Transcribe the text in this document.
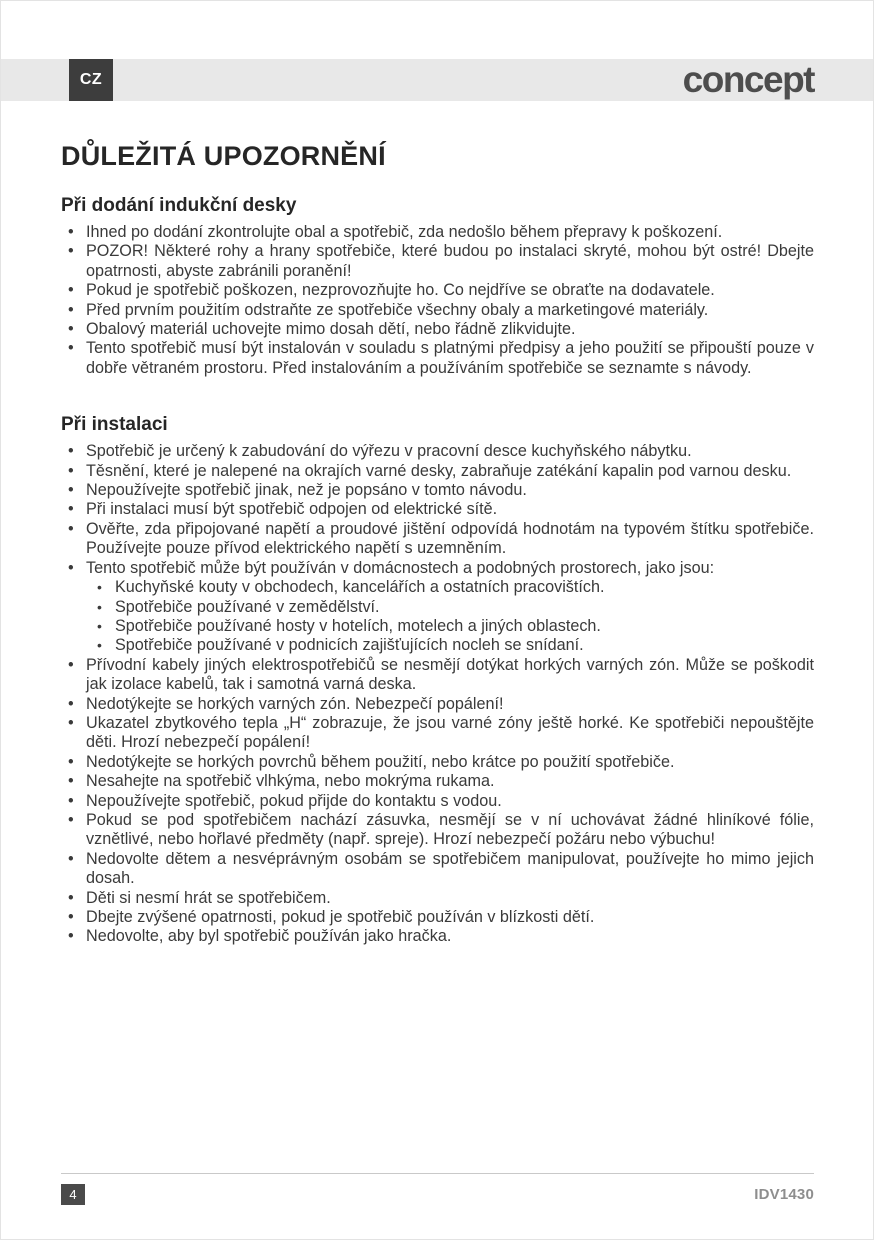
CZ	concept
DŮLEŽITÁ UPOZORNĚNÍ
Při dodání indukční desky
• Ihned po dodání zkontrolujte obal a spotřebič, zda nedošlo během přepravy k poškození.
• POZOR! Některé rohy a hrany spotřebiče, které budou po instalaci skryté, mohou být ostré! Dbejte opatrnosti, abyste zabránili poranění!
• Pokud je spotřebič poškozen, nezprovozňujte ho. Co nejdříve se obraťte na dodavatele.
• Před prvním použitím odstraňte ze spotřebiče všechny obaly a marketingové materiály.
• Obalový materiál uchovejte mimo dosah dětí, nebo řádně zlikvidujte.
• Tento spotřebič musí být instalován v souladu s platnými předpisy a jeho použití se připouští pouze v dobře větraném prostoru. Před instalováním a používáním spotřebiče se seznamte s návody.
Při instalaci
• Spotřebič je určený k zabudování do výřezu v pracovní desce kuchyňského nábytku.
• Těsnění, které je nalepené na okrajích varné desky, zabraňuje zatékání kapalin pod varnou desku.
• Nepoužívejte spotřebič jinak, než je popsáno v tomto návodu.
• Při instalaci musí být spotřebič odpojen od elektrické sítě.
• Ověřte, zda připojované napětí a proudové jištění odpovídá hodnotám na typovém štítku spotřebiče. Používejte pouze přívod elektrického napětí s uzemněním.
• Tento spotřebič může být používán v domácnostech a podobných prostorech, jako jsou:
• Kuchyňské kouty v obchodech, kancelářích a ostatních pracovištích.
• Spotřebiče používané v zemědělství.
• Spotřebiče používané hosty v hotelích, motelech a jiných oblastech.
• Spotřebiče používané v podnicích zajišťujících nocleh se snídaní.
• Přívodní kabely jiných elektrospotřebičů se nesmějí dotýkat horkých varných zón. Může se poškodit jak izolace kabelů, tak i samotná varná deska.
• Nedotýkejte se horkých varných zón. Nebezpečí popálení!
• Ukazatel zbytkového tepla „H“ zobrazuje, že jsou varné zóny ještě horké. Ke spotřebiči nepouštějte děti. Hrozí nebezpečí popálení!
• Nedotýkejte se horkých povrchů během použití, nebo krátce po použití spotřebiče.
• Nesahejte na spotřebič vlhkýma, nebo mokrýma rukama.
• Nepoužívejte spotřebič, pokud přijde do kontaktu s vodou.
• Pokud se pod spotřebičem nachází zásuvka, nesmějí se v ní uchovávat žádné hliníkové fólie, vznětlivé, nebo hořlavé předměty (např. spreje). Hrozí nebezpečí požáru nebo výbuchu!
• Nedovolte dětem a nesvéprávným osobám se spotřebičem manipulovat, používejte ho mimo jejich dosah.
• Děti si nesmí hrát se spotřebičem.
• Dbejte zvýšené opatrnosti, pokud je spotřebič používán v blízkosti dětí.
• Nedovolte, aby byl spotřebič používán jako hračka.
4	IDV1430
